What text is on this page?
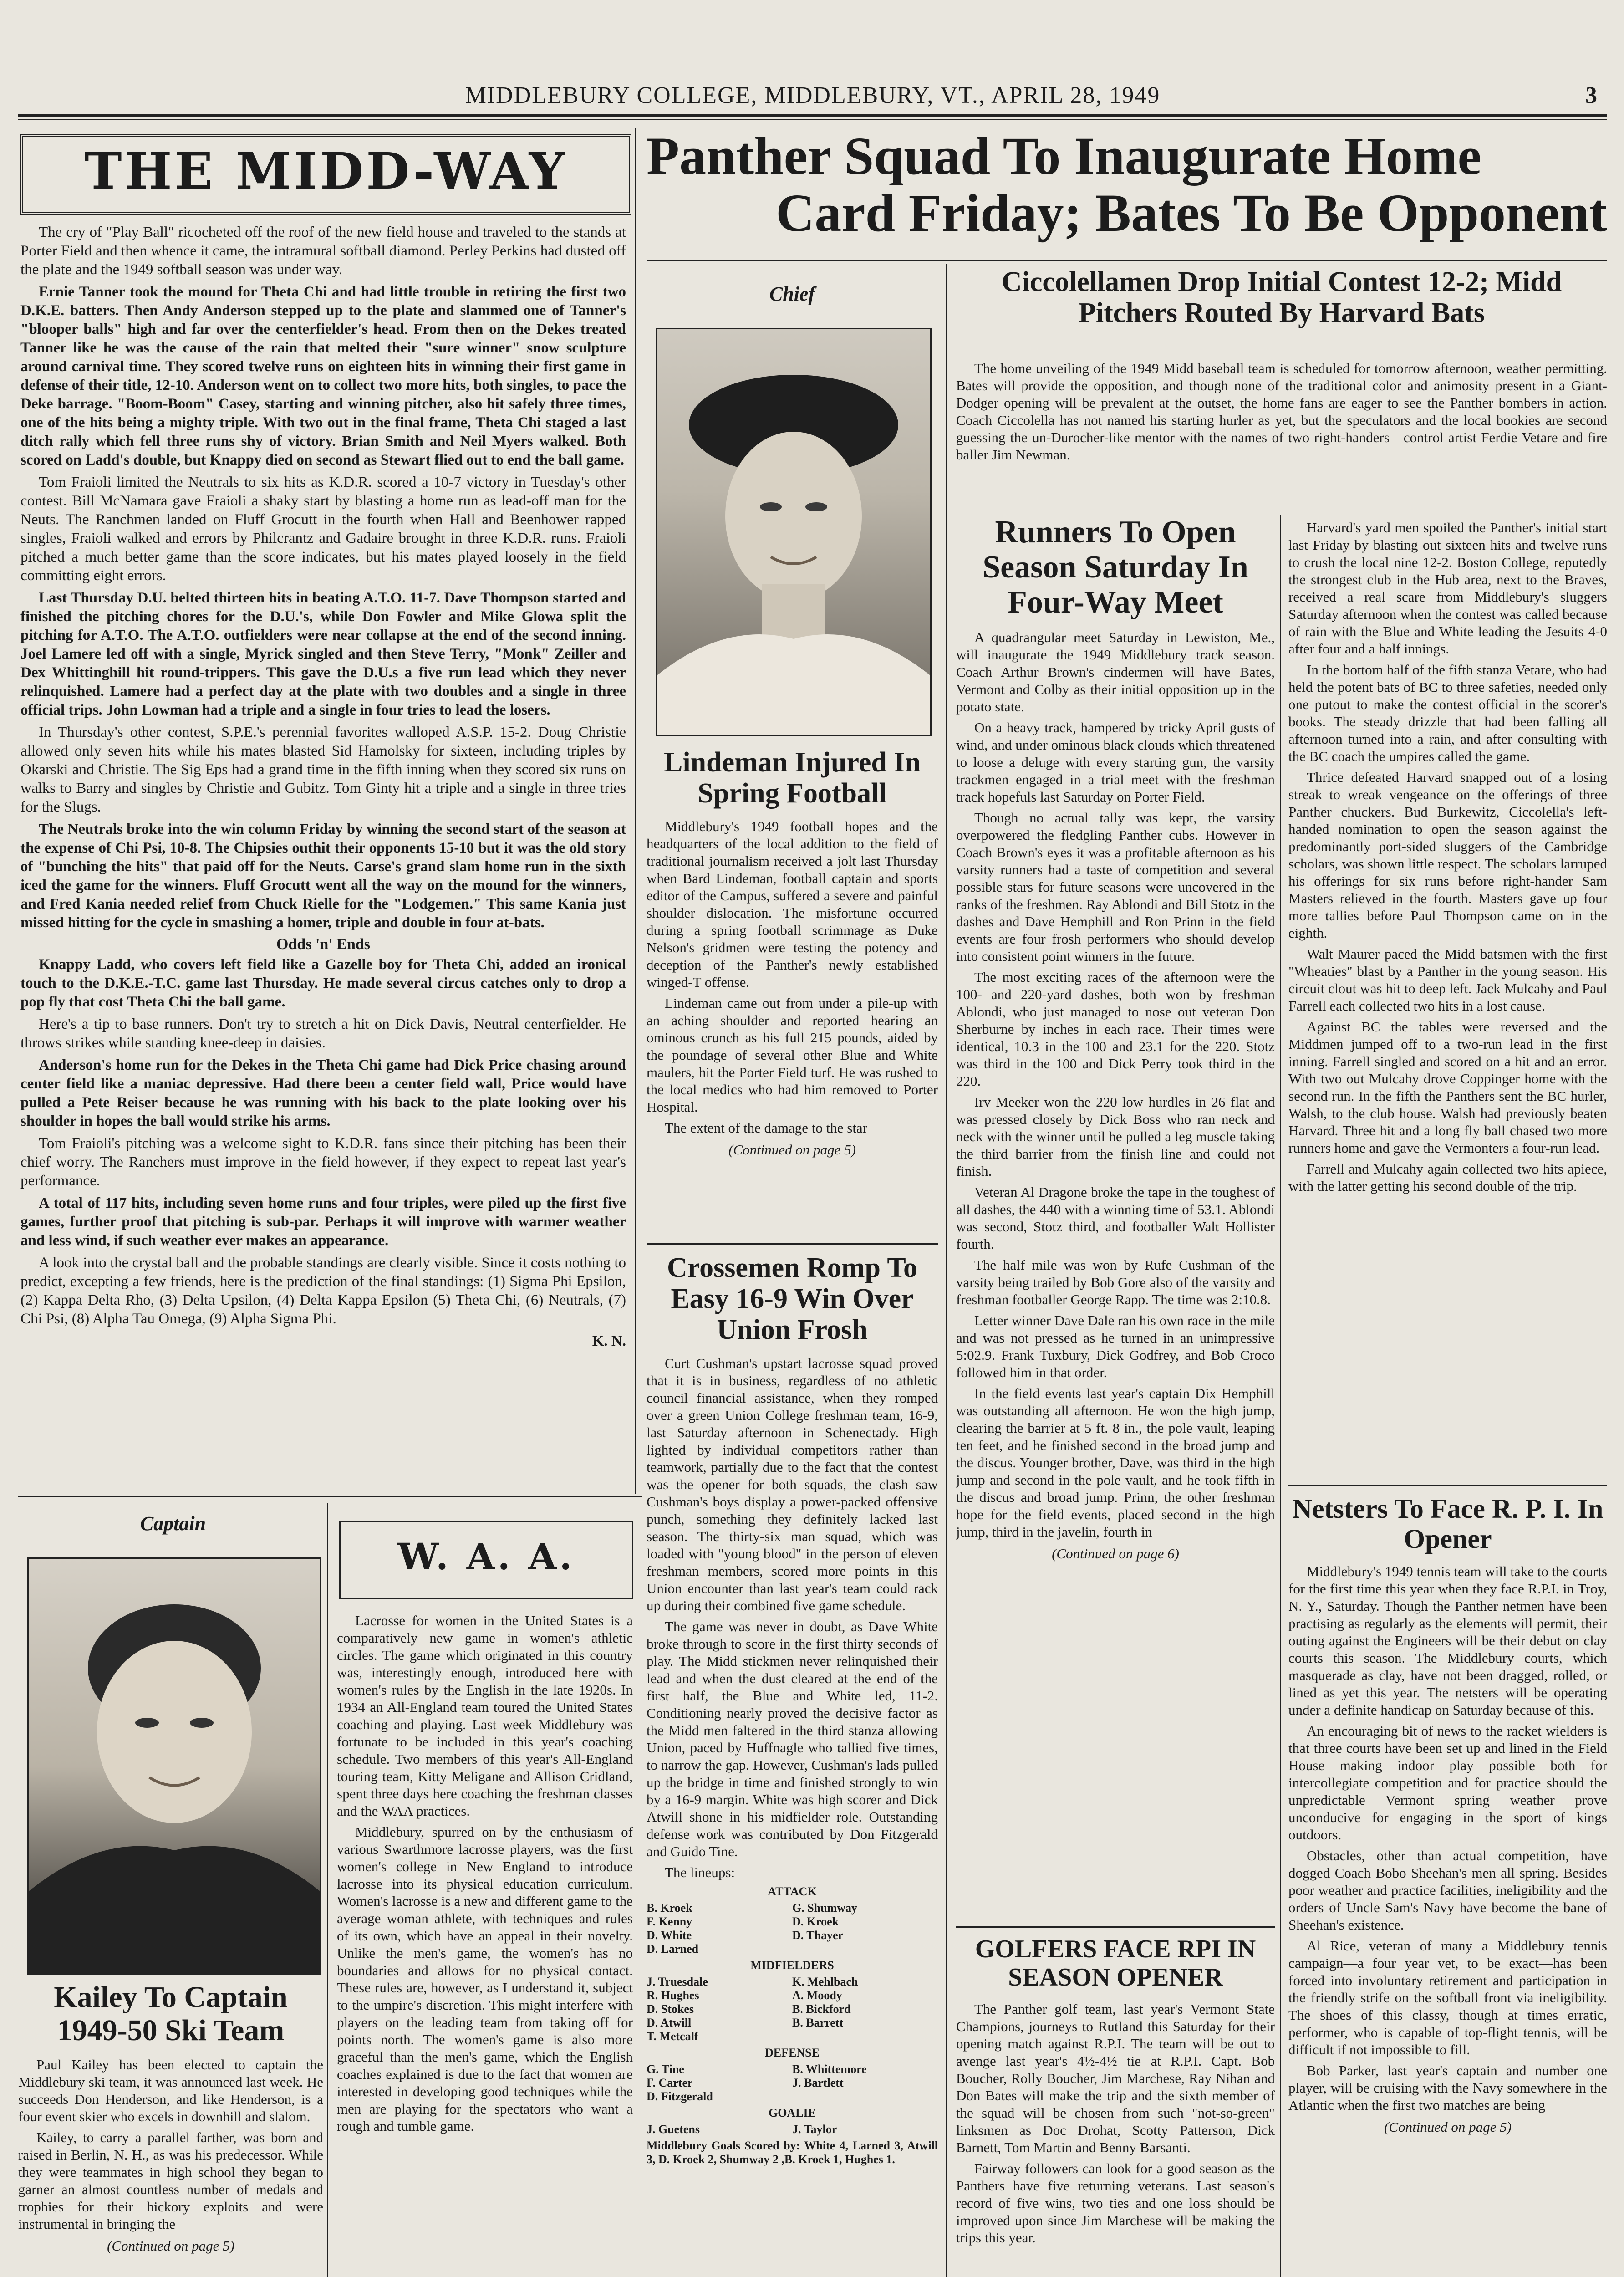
MIDDLEBURY COLLEGE, MIDDLEBURY, VT., APRIL 28, 1949	3
THE MIDD-WAY

The cry of "Play Ball" ricocheted off the roof of the new field house and traveled to the stands at Porter Field and then whence it came, the intramural softball diamond. Perley Perkins had dusted off the plate and the 1949 softball season was under way.

Ernie Tanner took the mound for Theta Chi and had little trouble in retiring the first two D.K.E. batters. Then Andy Anderson stepped up to the plate and slammed one of Tanner's "blooper balls" high and far over the centerfielder's head. From then on the Dekes treated Tanner like he was the cause of the rain that melted their "sure winner" snow sculpture around carnival time. They scored twelve runs on eighteen hits in winning their first game in defense of their title, 12-10. Anderson went on to collect two more hits, both singles, to pace the Deke barrage. "Boom-Boom" Casey, starting and winning pitcher, also hit safely three times, one of the hits being a mighty triple. With two out in the final frame, Theta Chi staged a last ditch rally which fell three runs shy of victory. Brian Smith and Neil Myers walked. Both scored on Ladd's double, but Knappy died on second as Stewart flied out to end the ball game.

Tom Fraioli limited the Neutrals to six hits as K.D.R. scored a 10-7 victory in Tuesday's other contest. Bill McNamara gave Fraioli a shaky start by blasting a home run as lead-off man for the Neuts. The Ranchmen landed on Fluff Grocutt in the fourth when Hall and Beenhower rapped singles, Fraioli walked and errors by Philcrantz and Gadaire brought in three K.D.R. runs. Fraioli pitched a much better game than the score indicates, but his mates played loosely in the field committing eight errors.

Last Thursday D.U. belted thirteen hits in beating A.T.O. 11-7. Dave Thompson started and finished the pitching chores for the D.U.'s, while Don Fowler and Mike Glowa split the pitching for A.T.O. The A.T.O. outfielders were near collapse at the end of the second inning. Joel Lamere led off with a single, Myrick singled and then Steve Terry, "Monk" Zeiller and Dex Whittinghill hit round-trippers. This gave the D.U.s a five run lead which they never relinquished. Lamere had a perfect day at the plate with two doubles and a single in three official trips. John Lowman had a triple and a single in four tries to lead the losers.

In Thursday's other contest, S.P.E.'s perennial favorites walloped A.S.P. 15-2. Doug Christie allowed only seven hits while his mates blasted Sid Hamolsky for sixteen, including triples by Okarski and Christie. The Sig Eps had a grand time in the fifth inning when they scored six runs on walks to Barry and singles by Christie and Gubitz. Tom Ginty hit a triple and a single in three tries for the Slugs.

The Neutrals broke into the win column Friday by winning the second start of the season at the expense of Chi Psi, 10-8. The Chipsies outhit their opponents 15-10 but it was the old story of "bunching the hits" that paid off for the Neuts. Carse's grand slam home run in the sixth iced the game for the winners. Fluff Grocutt went all the way on the mound for the winners, and Fred Kania needed relief from Chuck Rielle for the "Lodgemen." This same Kania just missed hitting for the cycle in smashing a homer, triple and double in four at-bats.

Odds 'n' Ends

Knappy Ladd, who covers left field like a Gazelle boy for Theta Chi, added an ironical touch to the D.K.E.-T.C. game last Thursday. He made several circus catches only to drop a pop fly that cost Theta Chi the ball game.

Here's a tip to base runners. Don't try to stretch a hit on Dick Davis, Neutral centerfielder. He throws strikes while standing knee-deep in daisies.

Anderson's home run for the Dekes in the Theta Chi game had Dick Price chasing around center field like a maniac depressive. Had there been a center field wall, Price would have pulled a Pete Reiser because he was running with his back to the plate looking over his shoulder in hopes the ball would strike his arms.

Tom Fraioli's pitching was a welcome sight to K.D.R. fans since their pitching has been their chief worry. The Ranchers must improve in the field however, if they expect to repeat last year's performance.

A total of 117 hits, including seven home runs and four triples, were piled up the first five games, further proof that pitching is sub-par. Perhaps it will improve with warmer weather and less wind, if such weather ever makes an appearance.

A look into the crystal ball and the probable standings are clearly visible. Since it costs nothing to predict, excepting a few friends, here is the prediction of the final standings: (1) Sigma Phi Epsilon, (2) Kappa Delta Rho, (3) Delta Upsilon, (4) Delta Kappa Epsilon (5) Theta Chi, (6) Neutrals, (7) Chi Psi, (8) Alpha Tau Omega, (9) Alpha Sigma Phi.

K. N.
Panther Squad To Inaugurate Home
Card Friday; Bates To Be Opponent
Chief
Lindeman Injured In Spring Football

Middlebury's 1949 football hopes and the headquarters of the local addition to the field of traditional journalism received a jolt last Thursday when Bard Lindeman, football captain and sports editor of the Campus, suffered a severe and painful shoulder dislocation. The misfortune occurred during a spring football scrimmage as Duke Nelson's gridmen were testing the potency and deception of the Panther's newly established winged-T offense.

Lindeman came out from under a pile-up with an aching shoulder and reported hearing an ominous crunch as his full 215 pounds, aided by the poundage of several other Blue and White maulers, hit the Porter Field turf. He was rushed to the local medics who had him removed to Porter Hospital.

The extent of the damage to the star

(Continued on page 5)
Crossemen Romp To Easy 16-9 Win Over Union Frosh

Curt Cushman's upstart lacrosse squad proved that it is in business, regardless of no athletic council financial assistance, when they romped over a green Union College freshman team, 16-9, last Saturday afternoon in Schenectady. High lighted by individual competitors rather than teamwork, partially due to the fact that the contest was the opener for both squads, the clash saw Cushman's boys display a power-packed offensive punch, something they definitely lacked last season. The thirty-six man squad, which was loaded with "young blood" in the person of eleven freshman members, scored more points in this Union encounter than last year's team could rack up during their combined five game schedule.

The game was never in doubt, as Dave White broke through to score in the first thirty seconds of play. The Midd stickmen never relinquished their lead and when the dust cleared at the end of the first half, the Blue and White led, 11-2. Conditioning nearly proved the decisive factor as the Midd men faltered in the third stanza allowing Union, paced by Huffnagle who tallied five times, to narrow the gap. However, Cushman's lads pulled up the bridge in time and finished strongly to win by a 16-9 margin. White was high scorer and Dick Atwill shone in his midfielder role. Outstanding defense work was contributed by Don Fitzgerald and Guido Tine.

The lineups:

ATTACK
B. Kroek	G. Shumway
F. Kenny	D. Kroek
D. White	D. Thayer
D. Larned
MIDFIELDERS
J. Truesdale	K. Mehlbach
R. Hughes	A. Moody
D. Stokes	B. Bickford
D. Atwill	B. Barrett
T. Metcalf
DEFENSE
G. Tine	B. Whittemore
F. Carter	J. Bartlett
D. Fitzgerald
GOALIE
J. Guetens	J. Taylor
Middlebury Goals Scored by: White 4, Larned 3, Atwill 3, D. Kroek 2, Shumway 2 ,B. Kroek 1, Hughes 1.
Ciccolellamen Drop Initial Contest 12-2; Midd Pitchers Routed By Harvard Bats

The home unveiling of the 1949 Midd baseball team is scheduled for tomorrow afternoon, weather permitting. Bates will provide the opposition, and though none of the traditional color and animosity present in a Giant-Dodger opening will be prevalent at the outset, the home fans are eager to see the Panther bombers in action. Coach Ciccolella has not named his starting hurler as yet, but the speculators and the local bookies are second guessing the un-Durocher-like mentor with the names of two right-handers—control artist Ferdie Vetare and fire baller Jim Newman.

Runners To Open Season Saturday In Four-Way Meet

A quadrangular meet Saturday in Lewiston, Me., will inaugurate the 1949 Middlebury track season. Coach Arthur Brown's cindermen will have Bates, Vermont and Colby as their initial opposition up in the potato state.

On a heavy track, hampered by tricky April gusts of wind, and under ominous black clouds which threatened to loose a deluge with every starting gun, the varsity trackmen engaged in a trial meet with the freshman track hopefuls last Saturday on Porter Field.

Though no actual tally was kept, the varsity overpowered the fledgling Panther cubs. However in Coach Brown's eyes it was a profitable afternoon as his varsity runners had a taste of competition and several possible stars for future seasons were uncovered in the ranks of the freshmen. Ray Ablondi and Bill Stotz in the dashes and Dave Hemphill and Ron Prinn in the field events are four frosh performers who should develop into consistent point winners in the future.

The most exciting races of the afternoon were the 100- and 220-yard dashes, both won by freshman Ablondi, who just managed to nose out veteran Don Sherburne by inches in each race. Their times were identical, 10.3 in the 100 and 23.1 for the 220. Stotz was third in the 100 and Dick Perry took third in the 220.

Irv Meeker won the 220 low hurdles in 26 flat and was pressed closely by Dick Boss who ran neck and neck with the winner until he pulled a leg muscle taking the third barrier from the finish line and could not finish.

Veteran Al Dragone broke the tape in the toughest of all dashes, the 440 with a winning time of 53.1. Ablondi was second, Stotz third, and footballer Walt Hollister fourth.

The half mile was won by Rufe Cushman of the varsity being trailed by Bob Gore also of the varsity and freshman footballer George Rapp. The time was 2:10.8.

Letter winner Dave Dale ran his own race in the mile and was not pressed as he turned in an unimpressive 5:02.9. Frank Tuxbury, Dick Godfrey, and Bob Croco followed him in that order.

In the field events last year's captain Dix Hemphill was outstanding all afternoon. He won the high jump, clearing the barrier at 5 ft. 8 in., the pole vault, leaping ten feet, and he finished second in the broad jump and the discus. Younger brother, Dave, was third in the high jump and second in the pole vault, and he took fifth in the discus and broad jump. Prinn, the other freshman hope for the field events, placed second in the high jump, third in the javelin, fourth in

(Continued on page 6)
GOLFERS FACE RPI IN SEASON OPENER

The Panther golf team, last year's Vermont State Champions, journeys to Rutland this Saturday for their opening match against R.P.I. The team will be out to avenge last year's 4½-4½ tie at R.P.I. Capt. Bob Boucher, Rolly Boucher, Jim Marchese, Ray Nihan and Don Bates will make the trip and the sixth member of the squad will be chosen from such "not-so-green" linksmen as Doc Drohat, Scotty Patterson, Dick Barnett, Tom Martin and Benny Barsanti.

Fairway followers can look for a good season as the Panthers have five returning veterans. Last season's record of five wins, two ties and one loss should be improved upon since Jim Marchese will be making the trips this year.

Harvard's yard men spoiled the Panther's initial start last Friday by blasting out sixteen hits and twelve runs to crush the local nine 12-2. Boston College, reputedly the strongest club in the Hub area, next to the Braves, received a real scare from Middlebury's sluggers Saturday afternoon when the contest was called because of rain with the Blue and White leading the Jesuits 4-0 after four and a half innings.

In the bottom half of the fifth stanza Vetare, who had held the potent bats of BC to three safeties, needed only one putout to make the contest official in the scorer's books. The steady drizzle that had been falling all afternoon turned into a rain, and after consulting with the BC coach the umpires called the game.

Thrice defeated Harvard snapped out of a losing streak to wreak vengeance on the offerings of three Panther chuckers. Bud Burkewitz, Ciccolella's left-handed nomination to open the season against the predominantly port-sided sluggers of the Cambridge scholars, was shown little respect. The scholars larruped his offerings for six runs before right-hander Sam Masters relieved in the fourth. Masters gave up four more tallies before Paul Thompson came on in the eighth.

Walt Maurer paced the Midd batsmen with the first "Wheaties" blast by a Panther in the young season. His circuit clout was hit to deep left. Jack Mulcahy and Paul Farrell each collected two hits in a lost cause.

Against BC the tables were reversed and the Middmen jumped off to a two-run lead in the first inning. Farrell singled and scored on a hit and an error. With two out Mulcahy drove Coppinger home with the second run. In the fifth the Panthers sent the BC hurler, Walsh, to the club house. Walsh had previously beaten Harvard. Three hit and a long fly ball chased two more runners home and gave the Vermonters a four-run lead.

Farrell and Mulcahy again collected two hits apiece, with the latter getting his second double of the trip.

Netsters To Face R. P. I. In Opener

Middlebury's 1949 tennis team will take to the courts for the first time this year when they face R.P.I. in Troy, N. Y., Saturday. Though the Panther netmen have been practising as regularly as the elements will permit, their outing against the Engineers will be their debut on clay courts this season. The Middlebury courts, which masquerade as clay, have not been dragged, rolled, or lined as yet this year. The netsters will be operating under a definite handicap on Saturday because of this.

An encouraging bit of news to the racket wielders is that three courts have been set up and lined in the Field House making indoor play possible both for intercollegiate competition and for practice should the unpredictable Vermont spring weather prove unconducive for engaging in the sport of kings outdoors.

Obstacles, other than actual competition, have dogged Coach Bobo Sheehan's men all spring. Besides poor weather and practice facilities, ineligibility and the orders of Uncle Sam's Navy have become the bane of Sheehan's existence.

Al Rice, veteran of many a Middlebury tennis campaign—a four year vet, to be exact—has been forced into involuntary retirement and participation in the friendly strife on the softball front via ineligibility. The shoes of this classy, though at times erratic, performer, who is capable of top-flight tennis, will be difficult if not impossible to fill.

Bob Parker, last year's captain and number one player, will be cruising with the Navy somewhere in the Atlantic when the first two matches are being

(Continued on page 5)
Captain
Kailey To Captain 1949-50 Ski Team

Paul Kailey has been elected to captain the Middlebury ski team, it was announced last week. He succeeds Don Henderson, and like Henderson, is a four event skier who excels in downhill and slalom.

Kailey, to carry a parallel farther, was born and raised in Berlin, N. H., as was his predecessor. While they were teammates in high school they began to garner an almost countless number of medals and trophies for their hickory exploits and were instrumental in bringing the

(Continued on page 5)
W. A. A.

Lacrosse for women in the United States is a comparatively new game in women's athletic circles. The game which originated in this country was, interestingly enough, introduced here with women's rules by the English in the late 1920s. In 1934 an All-England team toured the United States coaching and playing. Last week Middlebury was fortunate to be included in this year's coaching schedule. Two members of this year's All-England touring team, Kitty Meligane and Allison Cridland, spent three days here coaching the freshman classes and the WAA practices.

Middlebury, spurred on by the enthusiasm of various Swarthmore lacrosse players, was the first women's college in New England to introduce lacrosse into its physical education curriculum. Women's lacrosse is a new and different game to the average woman athlete, with techniques and rules of its own, which have an appeal in their novelty. Unlike the men's game, the women's has no boundaries and allows for no physical contact. These rules are, however, as I understand it, subject to the umpire's discretion. This might interfere with players on the leading team from taking off for points north. The women's game is also more graceful than the men's game, which the English coaches explained is due to the fact that women are interested in developing good techniques while the men are playing for the spectators who want a rough and tumble game.
